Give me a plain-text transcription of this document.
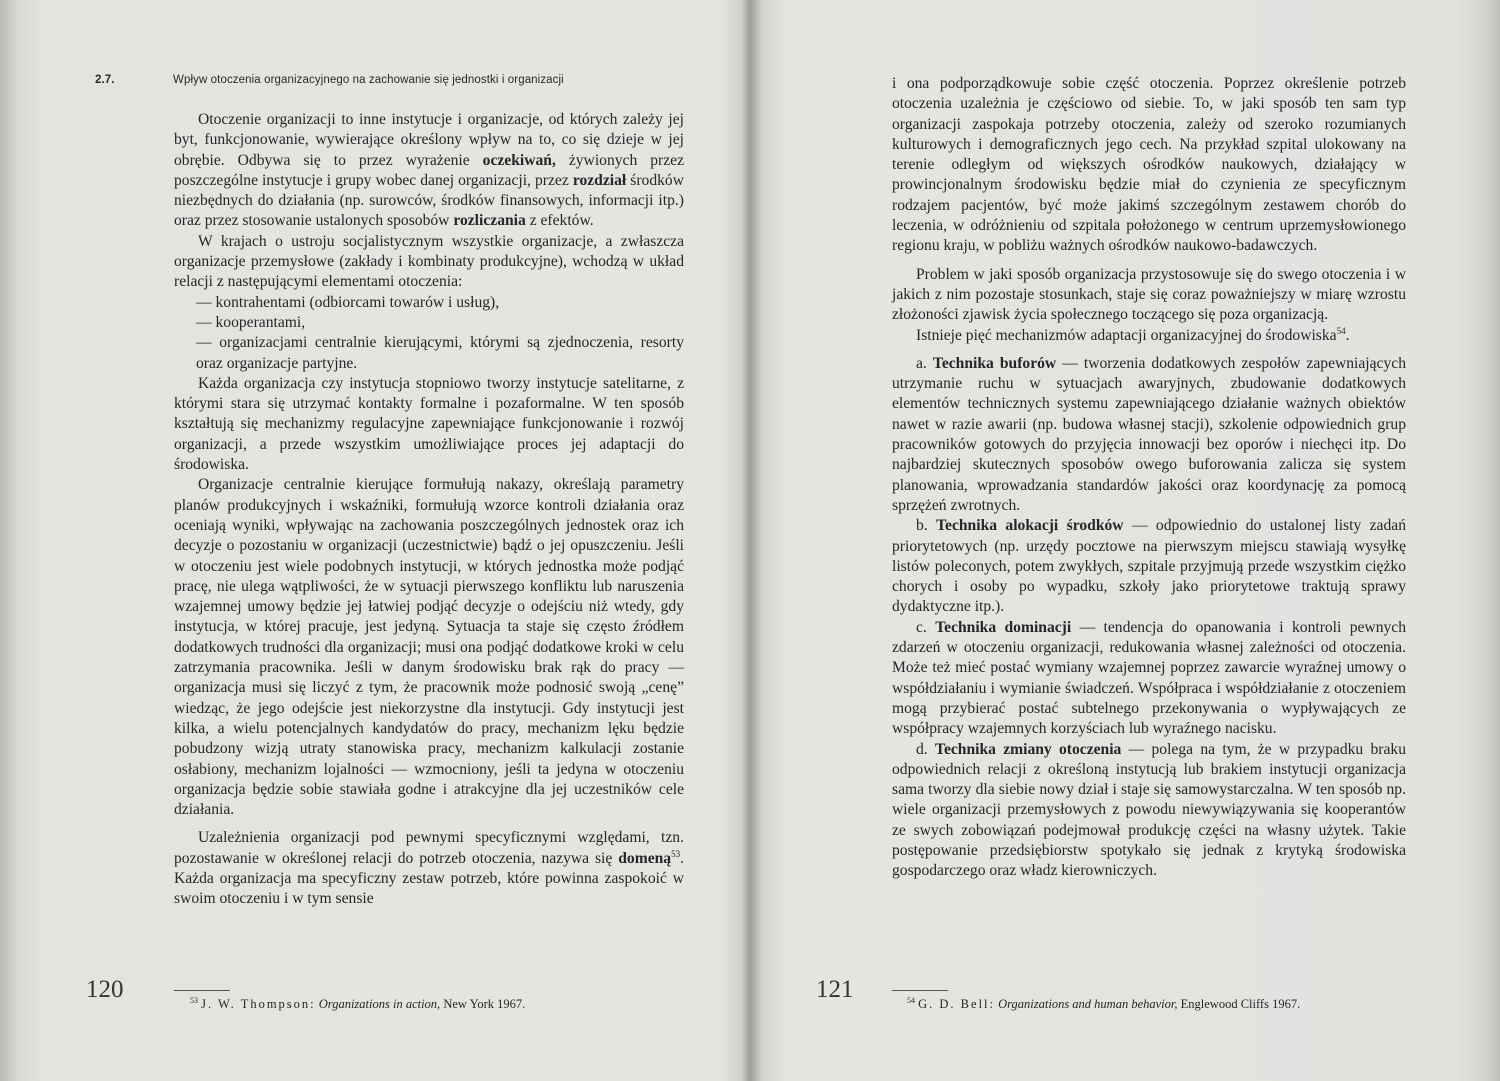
2.7.	Wpływ otoczenia organizacyjnego na zachowanie się jednostki i organizacji

Otoczenie organizacji to inne instytucje i organizacje, od których zależy jej byt, funkcjonowanie, wywierające określony wpływ na to, co się dzieje w jej obrębie. Odbywa się to przez wyrażenie oczekiwań, żywionych przez poszczególne instytucje i grupy wobec danej organizacji, przez rozdział środków niezbędnych do działania (np. surowców, środków finansowych, informacji itp.) oraz przez stosowanie ustalonych sposobów rozliczania z efektów.

W krajach o ustroju socjalistycznym wszystkie organizacje, a zwłaszcza organizacje przemysłowe (zakłady i kombinaty produkcyjne), wchodzą w układ relacji z następującymi elementami otoczenia:

— kontrahentami (odbiorcami towarów i usług),

— kooperantami,

— organizacjami centralnie kierującymi, którymi są zjednoczenia, resorty oraz organizacje partyjne.

Każda organizacja czy instytucja stopniowo tworzy instytucje satelitarne, z którymi stara się utrzymać kontakty formalne i pozaformalne. W ten sposób kształtują się mechanizmy regulacyjne zapewniające funkcjonowanie i rozwój organizacji, a przede wszystkim umożliwiające proces jej adaptacji do środowiska.

Organizacje centralnie kierujące formułują nakazy, określają parametry planów produkcyjnych i wskaźniki, formułują wzorce kontroli działania oraz oceniają wyniki, wpływając na zachowania poszczególnych jednostek oraz ich decyzje o pozostaniu w organizacji (uczestnictwie) bądź o jej opuszczeniu. Jeśli w otoczeniu jest wiele podobnych instytucji, w których jednostka może podjąć pracę, nie ulega wątpliwości, że w sytuacji pierwszego konfliktu lub naruszenia wzajemnej umowy będzie jej łatwiej podjąć decyzje o odejściu niż wtedy, gdy instytucja, w której pracuje, jest jedyną. Sytuacja ta staje się często źródłem dodatkowych trudności dla organizacji; musi ona podjąć dodatkowe kroki w celu zatrzymania pracownika. Jeśli w danym środowisku brak rąk do pracy — organizacja musi się liczyć z tym, że pracownik może podnosić swoją „cenę” wiedząc, że jego odejście jest niekorzystne dla instytucji. Gdy instytucji jest kilka, a wielu potencjalnych kandydatów do pracy, mechanizm lęku będzie pobudzony wizją utraty stanowiska pracy, mechanizm kalkulacji zostanie osłabiony, mechanizm lojalności — wzmocniony, jeśli ta jedyna w otoczeniu organizacja będzie sobie stawiała godne i atrakcyjne dla jej uczestników cele działania.

Uzależnienia organizacji pod pewnymi specyficznymi względami, tzn. pozostawanie w określonej relacji do potrzeb otoczenia, nazywa się domeną$^{53}$. Każda organizacja ma specyficzny zestaw potrzeb, które powinna zaspokoić w swoim otoczeniu i w tym sensie

$^{53}$ J. W. Thompson: Organizations in action, New York 1967.
120

i ona podporządkowuje sobie część otoczenia. Poprzez określenie potrzeb otoczenia uzależnia je częściowo od siebie. To, w jaki sposób ten sam typ organizacji zaspokaja potrzeby otoczenia, zależy od szeroko rozumianych kulturowych i demograficznych jego cech. Na przykład szpital ulokowany na terenie odległym od większych ośrodków naukowych, działający w prowincjonalnym środowisku będzie miał do czynienia ze specyficznym rodzajem pacjentów, być może jakimś szczególnym zestawem chorób do leczenia, w odróżnieniu od szpitala położonego w centrum uprzemysłowionego regionu kraju, w pobliżu ważnych ośrodków naukowo-badawczych.

Problem w jaki sposób organizacja przystosowuje się do swego otoczenia i w jakich z nim pozostaje stosunkach, staje się coraz poważniejszy w miarę wzrostu złożoności zjawisk życia społecznego toczącego się poza organizacją.

Istnieje pięć mechanizmów adaptacji organizacyjnej do środowiska$^{54}$.

a. Technika buforów — tworzenia dodatkowych zespołów zapewniających utrzymanie ruchu w sytuacjach awaryjnych, zbudowanie dodatkowych elementów technicznych systemu zapewniającego działanie ważnych obiektów nawet w razie awarii (np. budowa własnej stacji), szkolenie odpowiednich grup pracowników gotowych do przyjęcia innowacji bez oporów i niechęci itp. Do najbardziej skutecznych sposobów owego buforowania zalicza się system planowania, wprowadzania standardów jakości oraz koordynację za pomocą sprzężeń zwrotnych.

b. Technika alokacji środków — odpowiednio do ustalonej listy zadań priorytetowych (np. urzędy pocztowe na pierwszym miejscu stawiają wysyłkę listów poleconych, potem zwykłych, szpitale przyjmują przede wszystkim ciężko chorych i osoby po wypadku, szkoły jako priorytetowe traktują sprawy dydaktyczne itp.).

c. Technika dominacji — tendencja do opanowania i kontroli pewnych zdarzeń w otoczeniu organizacji, redukowania własnej zależności od otoczenia. Może też mieć postać wymiany wzajemnej poprzez zawarcie wyraźnej umowy o współdziałaniu i wymianie świadczeń. Współpraca i współdziałanie z otoczeniem mogą przybierać postać subtelnego przekonywania o wypływających ze współpracy wzajemnych korzyściach lub wyraźnego nacisku.

d. Technika zmiany otoczenia — polega na tym, że w przypadku braku odpowiednich relacji z określoną instytucją lub brakiem instytucji organizacja sama tworzy dla siebie nowy dział i staje się samowystarczalna. W ten sposób np. wiele organizacji przemysłowych z powodu niewywiązywania się kooperantów ze swych zobowiązań podejmował produkcję części na własny użytek. Takie postępowanie przedsiębiorstw spotykało się jednak z krytyką środowiska gospodarczego oraz władz kierowniczych.

$^{54}$ G. D. Bell: Organizations and human behavior, Englewood Cliffs 1967.
121
